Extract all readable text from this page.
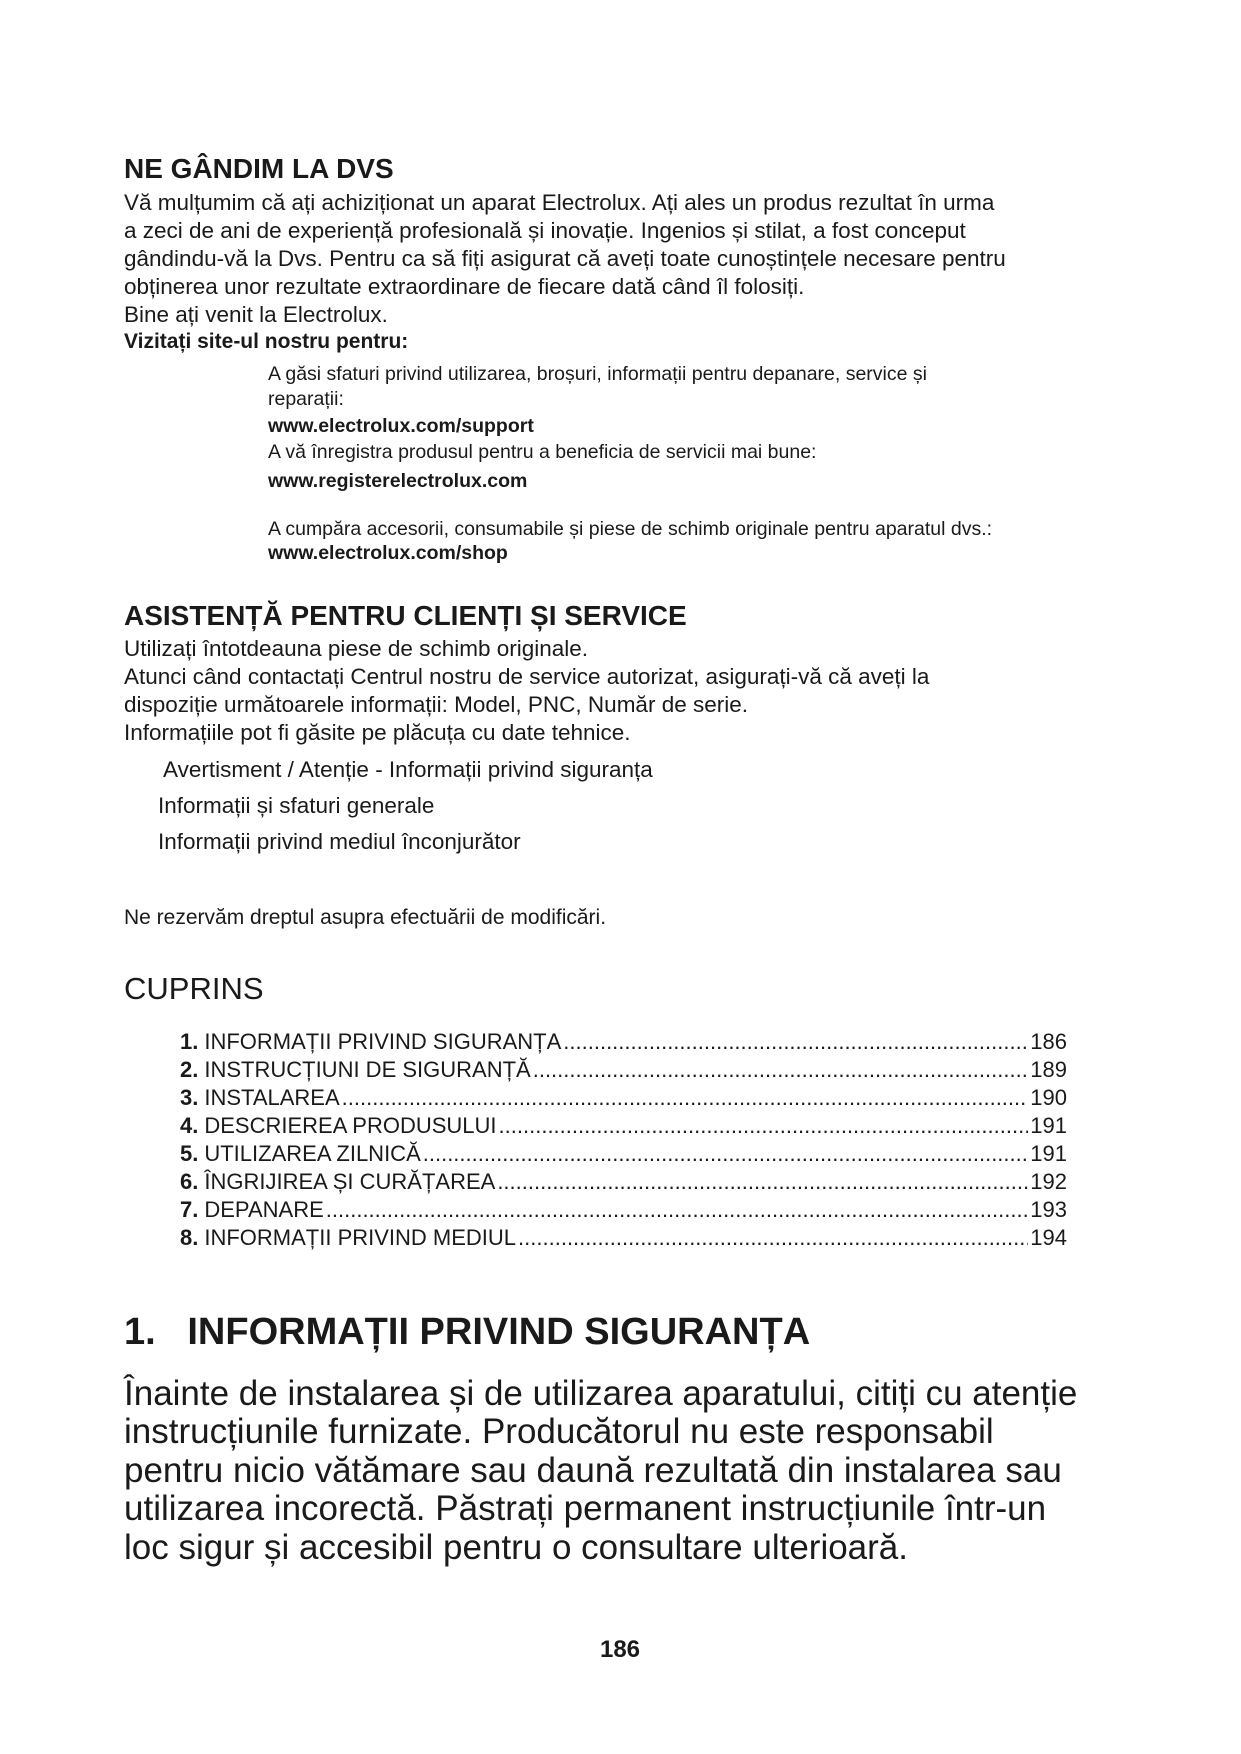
NE GÂNDIM LA DVS
Vă mulțumim că ați achiziționat un aparat Electrolux. Ați ales un produs rezultat în urma
a zeci de ani de experiență profesională și inovație. Ingenios și stilat, a fost conceput
gândindu-vă la Dvs. Pentru ca să fiți asigurat că aveți toate cunoștințele necesare pentru
obținerea unor rezultate extraordinare de fiecare dată când îl folosiți.
Bine ați venit la Electrolux.
Vizitați site-ul nostru pentru:
A găsi sfaturi privind utilizarea, broșuri, informații pentru depanare, service și
reparații:
www.electrolux.com/support
A vă înregistra produsul pentru a beneficia de servicii mai bune:
www.registerelectrolux.com
A cumpăra accesorii, consumabile și piese de schimb originale pentru aparatul dvs.:
www.electrolux.com/shop
ASISTENȚĂ PENTRU CLIENȚI ȘI SERVICE
Utilizați întotdeauna piese de schimb originale.
Atunci când contactați Centrul nostru de service autorizat, asigurați-vă că aveți la
dispoziție următoarele informații: Model, PNC, Număr de serie.
Informațiile pot fi găsite pe plăcuța cu date tehnice.
Avertisment / Atenție - Informații privind siguranța
Informații și sfaturi generale
Informații privind mediul înconjurător
Ne rezervăm dreptul asupra efectuării de modificări.
CUPRINS
1. INFORMAȚII PRIVIND SIGURANȚA .....	186
2. INSTRUCȚIUNI DE SIGURANȚĂ .....	189
3. INSTALAREA .....	190
4. DESCRIEREA PRODUSULUI .....	191
5. UTILIZAREA ZILNICĂ .....	191
6. ÎNGRIJIREA ȘI CURĂȚAREA .....	192
7. DEPANARE .....	193
8. INFORMAȚII PRIVIND MEDIUL .....	194
1.   INFORMAȚII PRIVIND SIGURANȚA
Înainte de instalarea și de utilizarea aparatului, citiți cu atenție
instrucțiunile furnizate. Producătorul nu este responsabil
pentru nicio vătămare sau daună rezultată din instalarea sau
utilizarea incorectă. Păstrați permanent instrucțiunile într-un
loc sigur și accesibil pentru o consultare ulterioară.
186
